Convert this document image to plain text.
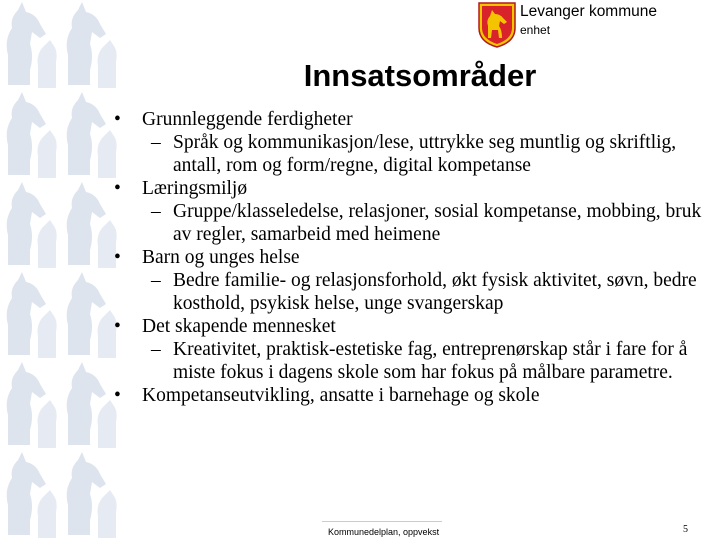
Levanger kommune
enhet
Innsatsområder
• Grunnleggende ferdigheter
– Språk og kommunikasjon/lese, uttrykke seg muntlig og skriftlig, antall, rom og form/regne, digital kompetanse
• Læringsmiljø
– Gruppe/klasseledelse, relasjoner, sosial kompetanse, mobbing, bruk av regler, samarbeid med heimene
• Barn og unges helse
– Bedre familie- og relasjonsforhold, økt fysisk aktivitet, søvn, bedre kosthold, psykisk helse, unge svangerskap
• Det skapende mennesket
– Kreativitet, praktisk-estetiske fag, entreprenørskap står i fare for å miste fokus i dagens skole som har fokus på målbare parametre.
• Kompetanseutvikling, ansatte i barnehage og skole
Kommunedelplan, oppvekst	5
